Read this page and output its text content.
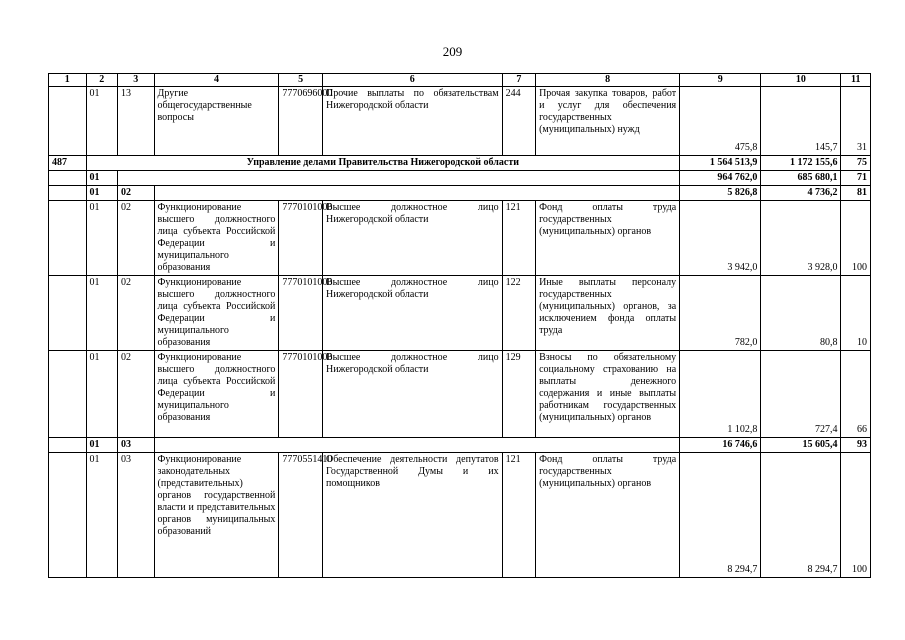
209
1	2	3	4	5	6	7	8	9	10	11
	01	13	Другие общегосударственные вопросы	7770696000	Прочие выплаты по обязательствам Нижегородской области	244	Прочая закупка товаров, работ и услуг для обеспечения государственных (муниципальных) нужд	475,8	145,7	31
487	Управление делами Правительства Нижегородской области							1 564 513,9	1 172 155,6	75
	01							964 762,0	685 680,1	71
	01	02						5 826,8	4 736,2	81
	01	02	Функционирование высшего должностного лица субъекта Российской Федерации и муниципального образования	7770101000	Высшее должностное лицо Нижегородской области	121	Фонд оплаты труда государственных (муниципальных) органов	3 942,0	3 928,0	100
	01	02	Функционирование высшего должностного лица субъекта Российской Федерации и муниципального образования	7770101000	Высшее должностное лицо Нижегородской области	122	Иные выплаты персоналу государственных (муниципальных) органов, за исключением фонда оплаты труда	782,0	80,8	10
	01	02	Функционирование высшего должностного лица субъекта Российской Федерации и муниципального образования	7770101000	Высшее должностное лицо Нижегородской области	129	Взносы по обязательному социальному страхованию на выплаты денежного содержания и иные выплаты работникам государственных (муниципальных) органов	1 102,8	727,4	66
	01	03						16 746,6	15 605,4	93
	01	03	Функционирование законодательных (представительных) органов государственной власти и представительных органов муниципальных образований	7770551410	Обеспечение деятельности депутатов Государственной Думы и их помощников	121	Фонд оплаты труда государственных (муниципальных) органов	8 294,7	8 294,7	100
